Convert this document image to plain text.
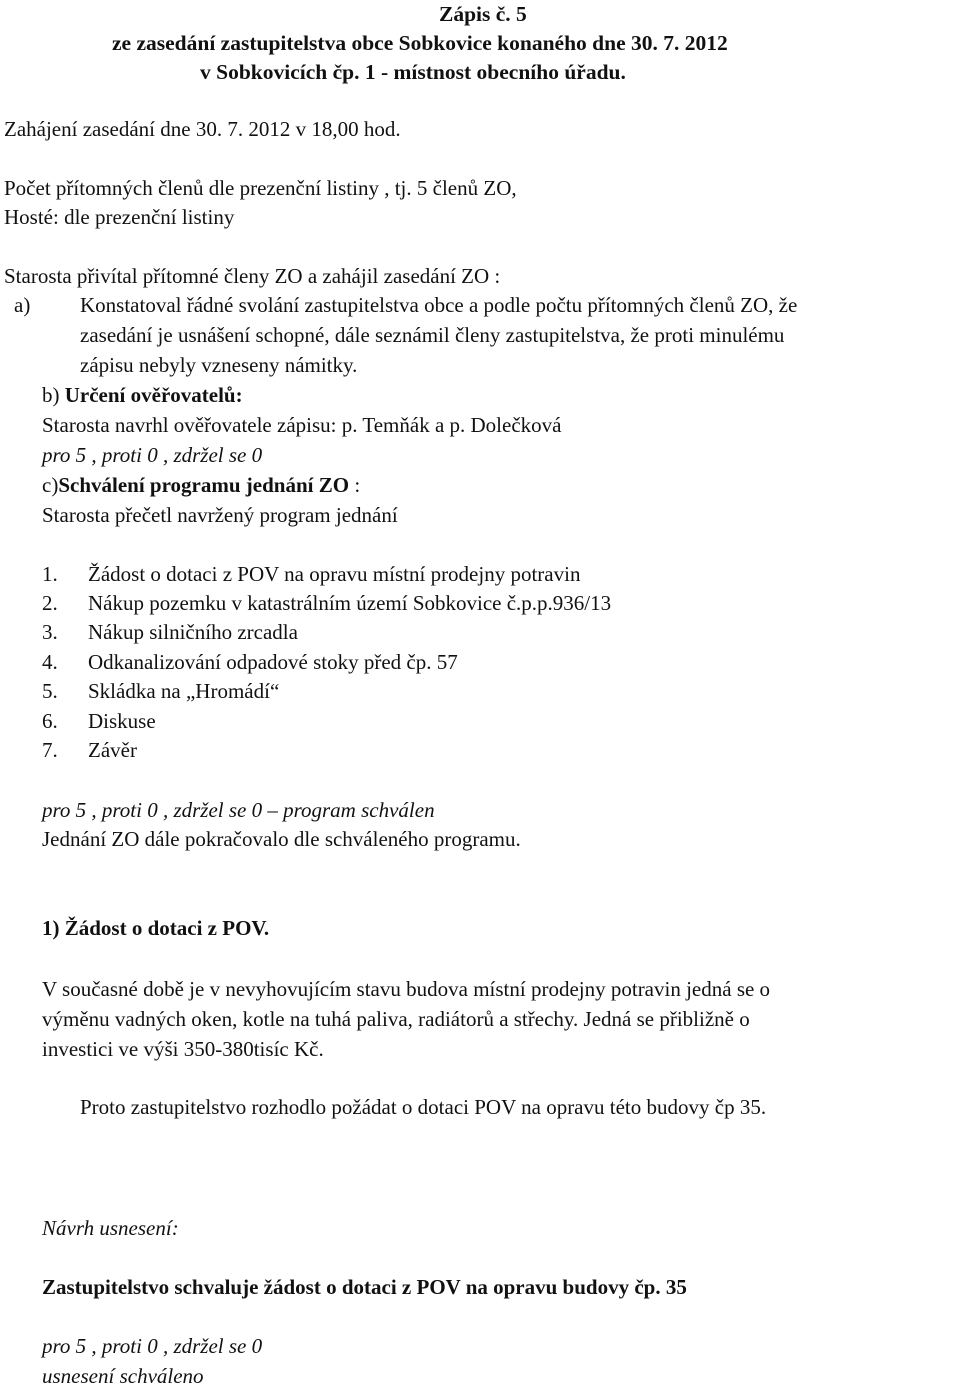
Zápis č. 5
ze zasedání zastupitelstva obce Sobkovice konaného dne 30. 7. 2012
v Sobkovicích čp. 1 - místnost obecního úřadu.
Zahájení zasedání dne 30. 7. 2012 v 18,00 hod.
Počet přítomných členů dle prezenční listiny , tj. 5 členů ZO,
Hosté: dle prezenční listiny
Starosta přivítal přítomné členy ZO a zahájil zasedání ZO :
a) Konstatoval řádné svolání zastupitelstva obce a podle počtu přítomných členů ZO, že
zasedání je usnášení schopné, dále seznámil členy zastupitelstva, že proti minulému
zápisu nebyly vzneseny námitky.
b) Určení ověřovatelů:
Starosta navrhl ověřovatele zápisu: p. Temňák a p. Dolečková
pro 5 , proti 0 , zdržel se 0
c)Schválení programu jednání ZO :
Starosta přečetl navržený program jednání
1. Žádost o dotaci z POV na opravu místní prodejny potravin
2. Nákup pozemku v katastrálním území Sobkovice č.p.p.936/13
3. Nákup silničního zrcadla
4. Odkanalizování odpadové stoky před čp. 57
5. Skládka na „Hromádí“
6. Diskuse
7. Závěr
pro 5 , proti 0 , zdržel se 0 – program schválen
Jednání ZO dále pokračovalo dle schváleného programu.
1) Žádost o dotaci z POV.
V současné době je v nevyhovujícím stavu budova místní prodejny potravin jedná se o
výměnu vadných oken, kotle na tuhá paliva, radiátorů a střechy. Jedná se přibližně o
investici ve výši 350-380tisíc Kč.
Proto zastupitelstvo rozhodlo požádat o dotaci POV na opravu této budovy čp 35.
Návrh usnesení:
Zastupitelstvo schvaluje žádost o dotaci z POV na opravu budovy čp. 35
pro 5 , proti 0 , zdržel se 0
usnesení schváleno
